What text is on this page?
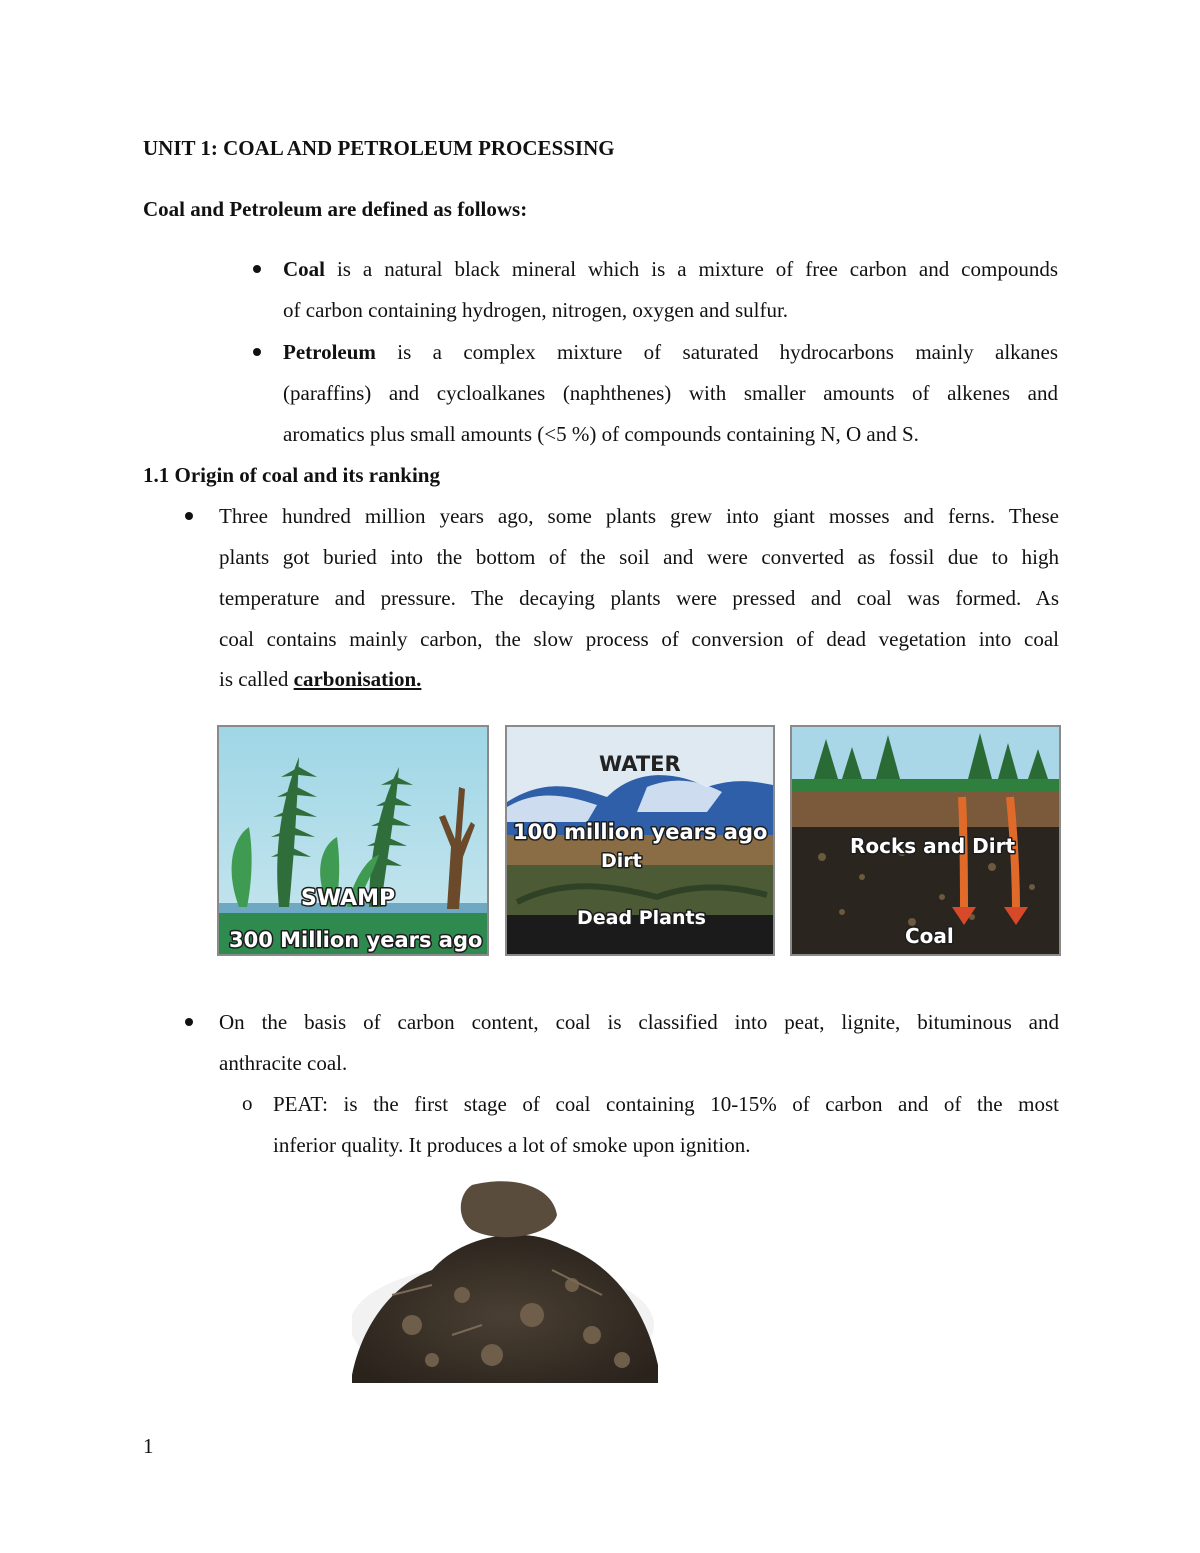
UNIT 1: COAL AND PETROLEUM PROCESSING
Coal and Petroleum are defined as follows:
Coal is a natural black mineral which is a mixture of free carbon and compounds
of carbon containing hydrogen, nitrogen, oxygen and sulfur.
Petroleum is a complex mixture of saturated hydrocarbons mainly alkanes
(paraffins) and cycloalkanes (naphthenes) with smaller amounts of alkenes and
aromatics plus small amounts (<5 %) of compounds containing N, O and S.
1.1 Origin of coal and its ranking
Three hundred million years ago, some plants grew into giant mosses and ferns. These
plants got buried into the bottom of the soil and were converted as fossil due to high
temperature and pressure. The decaying plants were pressed and coal was formed. As
coal contains mainly carbon, the slow process of conversion of dead vegetation into coal
is called carbonisation.
SWAMP
300 Million years ago
WATER
100 million years ago
Dirt
Dead Plants
Rocks and Dirt
Coal
On the basis of carbon content, coal is classified into peat, lignite, bituminous and
anthracite coal.
o PEAT: is the first stage of coal containing 10-15% of carbon and of the most
inferior quality. It produces a lot of smoke upon ignition.
1
